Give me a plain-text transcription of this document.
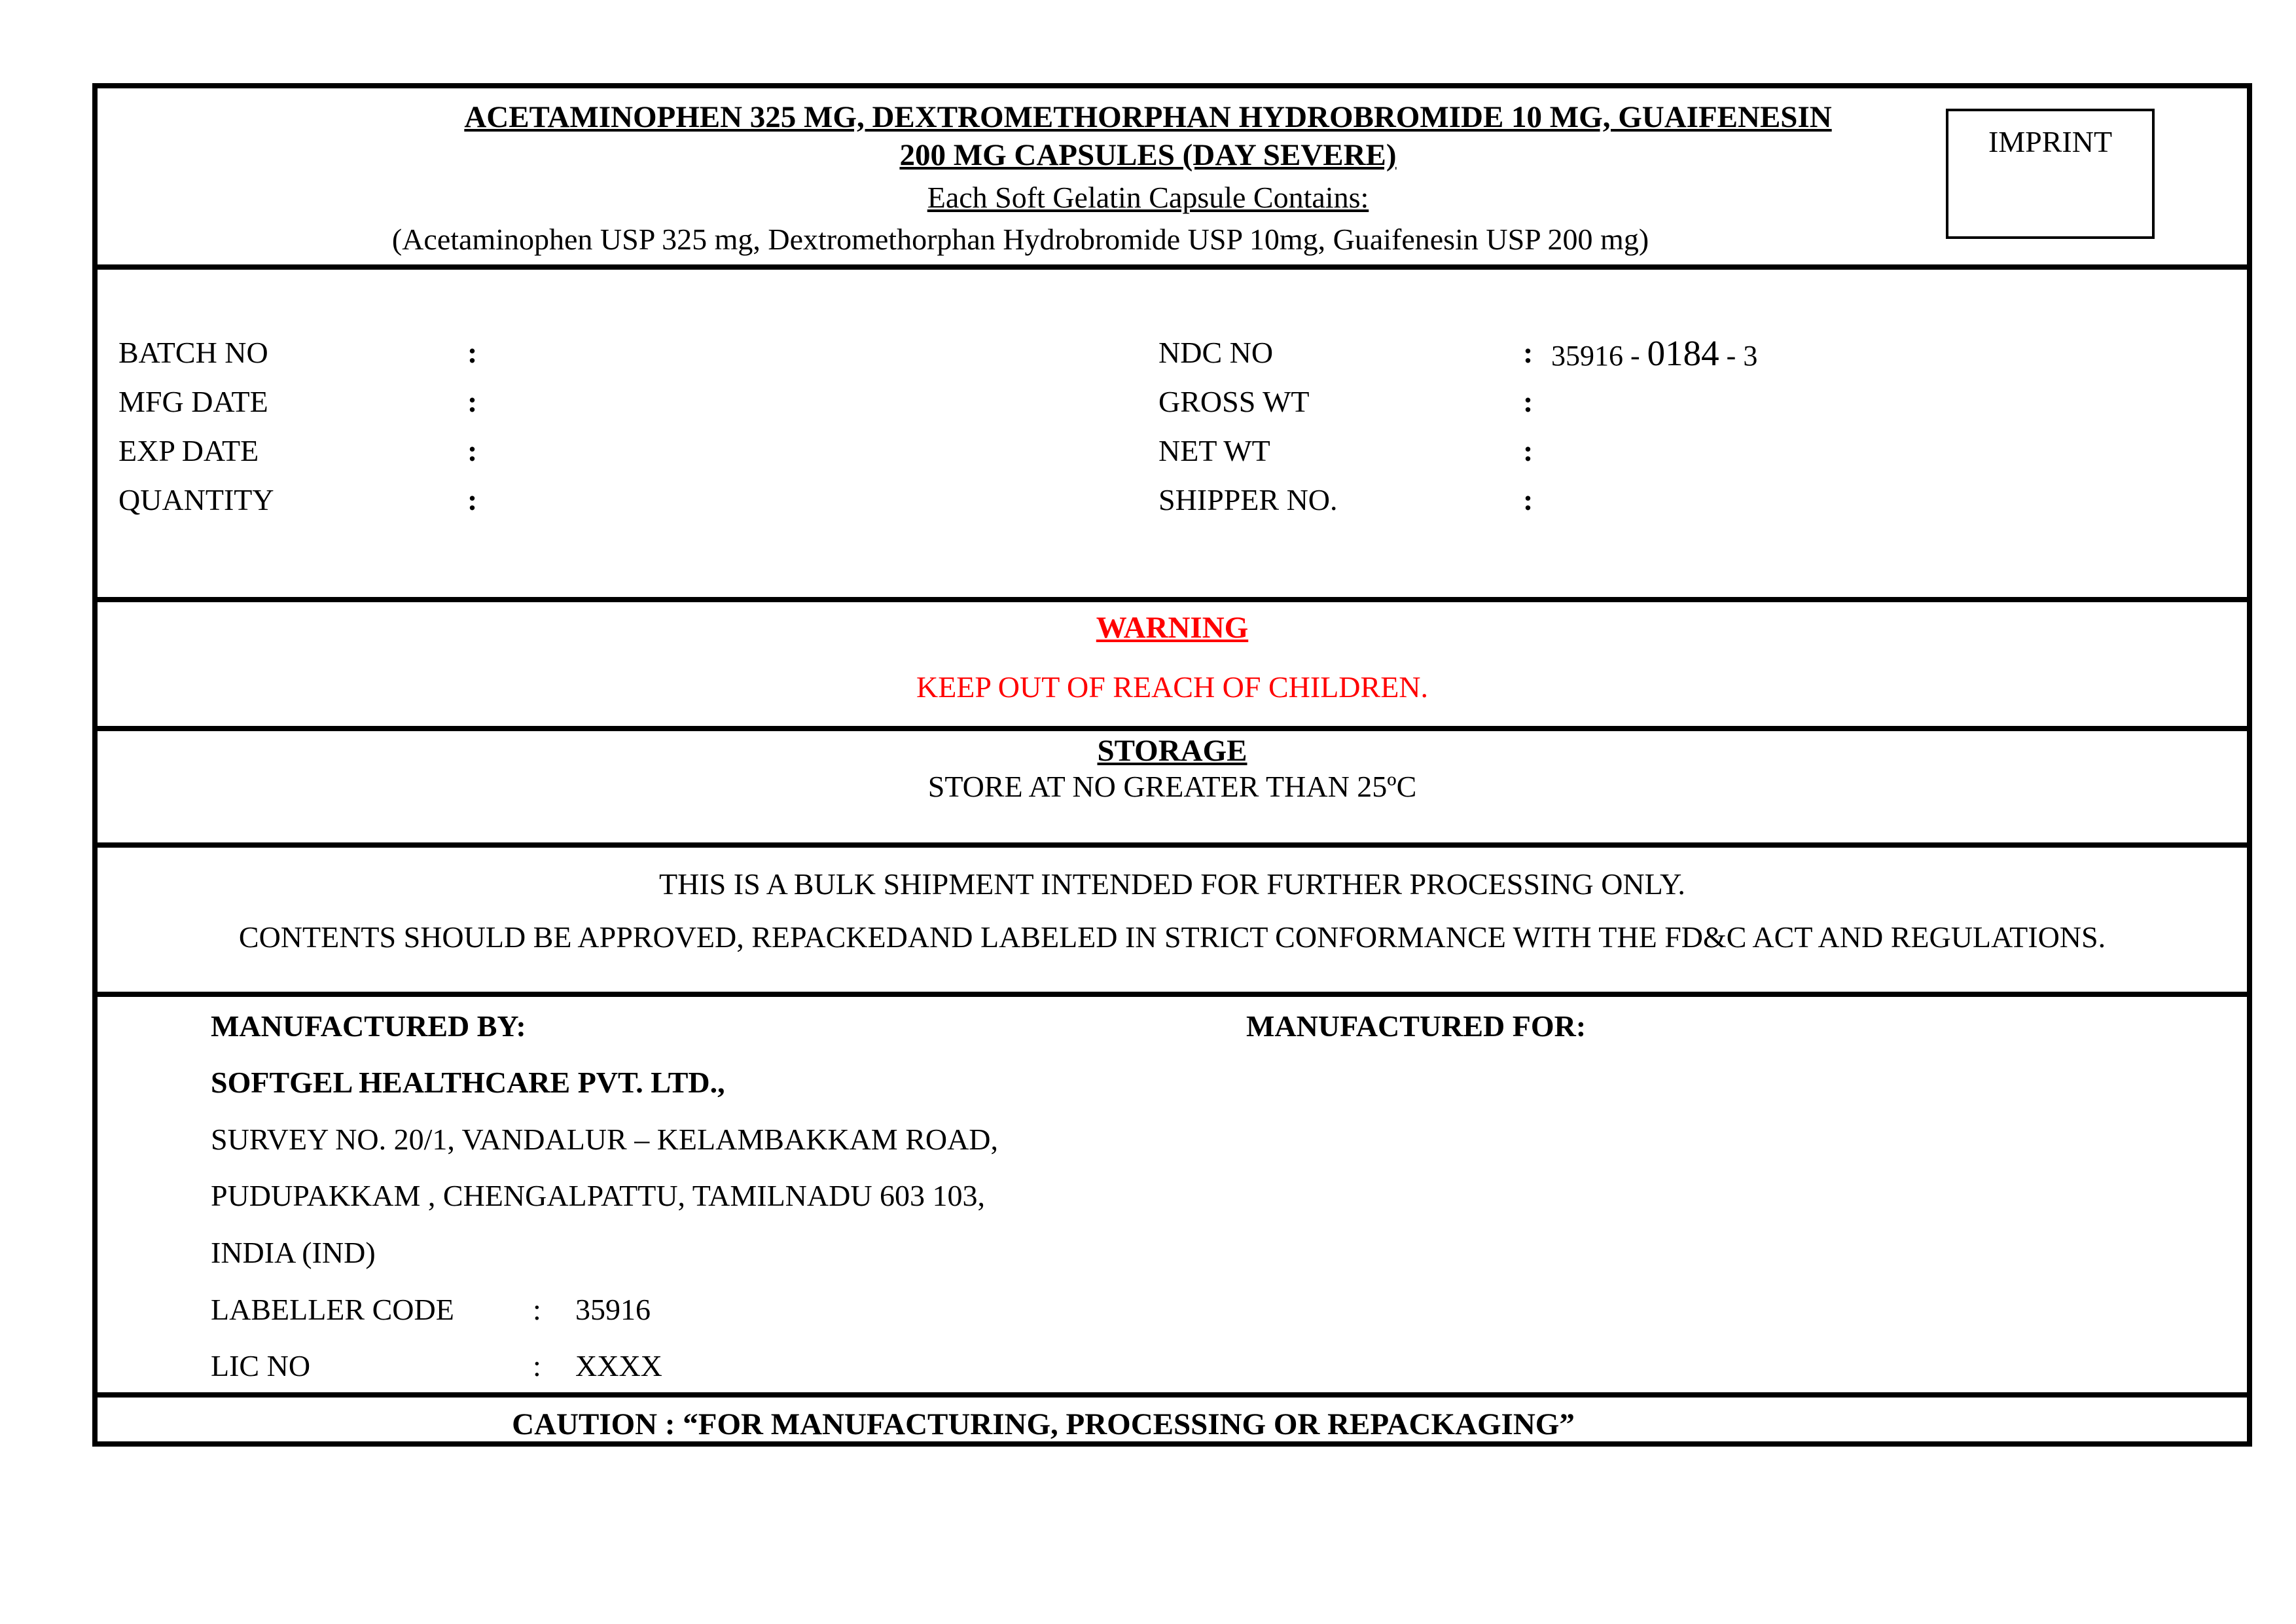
ACETAMINOPHEN 325 MG, DEXTROMETHORPHAN HYDROBROMIDE 10 MG, GUAIFENESIN
200 MG CAPSULES (DAY SEVERE)
Each Soft Gelatin Capsule Contains:
(Acetaminophen USP 325 mg, Dextromethorphan Hydrobromide USP 10mg, Guaifenesin USP 200 mg)
IMPRINT
BATCH NO	:
MFG DATE	:
EXP DATE	:
QUANTITY	:
NDC NO	: 35916 - 0184 - 3
GROSS WT	:
NET WT	:
SHIPPER NO.	:
WARNING
KEEP OUT OF REACH OF CHILDREN.
STORAGE
STORE AT NO GREATER THAN 25ºC
THIS IS A BULK SHIPMENT INTENDED FOR FURTHER PROCESSING ONLY.
CONTENTS SHOULD BE APPROVED, REPACKEDAND LABELED IN STRICT CONFORMANCE WITH THE FD&C ACT AND REGULATIONS.
MANUFACTURED BY:	MANUFACTURED FOR:
SOFTGEL HEALTHCARE PVT. LTD.,
SURVEY NO. 20/1, VANDALUR – KELAMBAKKAM ROAD,
PUDUPAKKAM , CHENGALPATTU, TAMILNADU 603 103,
INDIA (IND)
LABELLER CODE	: 35916
LIC NO	: XXXX
CAUTION : “FOR MANUFACTURING, PROCESSING OR REPACKAGING”
